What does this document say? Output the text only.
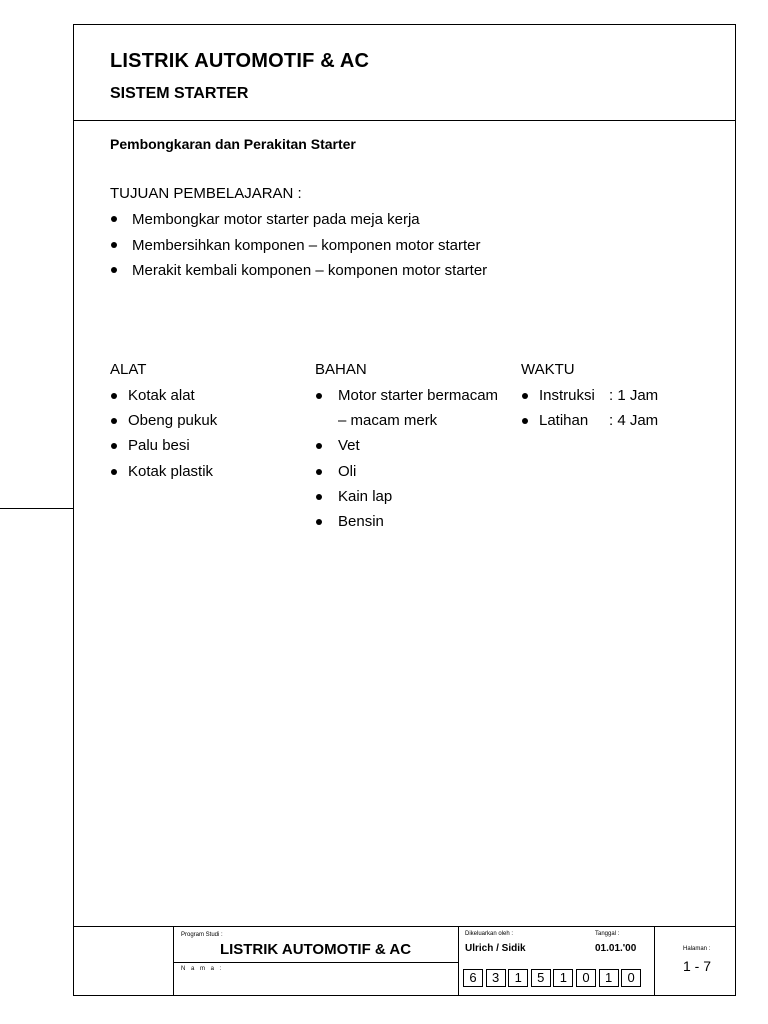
LISTRIK AUTOMOTIF & AC
SISTEM STARTER
Pembongkaran dan Perakitan Starter
TUJUAN PEMBELAJARAN :
Membongkar motor starter pada meja kerja
Membersihkan komponen – komponen motor starter
Merakit kembali komponen – komponen motor starter
ALAT
Kotak alat
Obeng pukuk
Palu besi
Kotak plastik
BAHAN
Motor starter bermacam
– macam merk
Vet
Oli
Kain lap
Bensin
WAKTU
Instruksi : 1 Jam
Latihan : 4 Jam
Program Studi :
LISTRIK AUTOMOTIF & AC
N a m a :
Dikeluarkan oleh :
Ulrich / Sidik
Tanggal :
01.01.'00
6	3	1	5	1	0	1	0
Halaman :
1 - 7
